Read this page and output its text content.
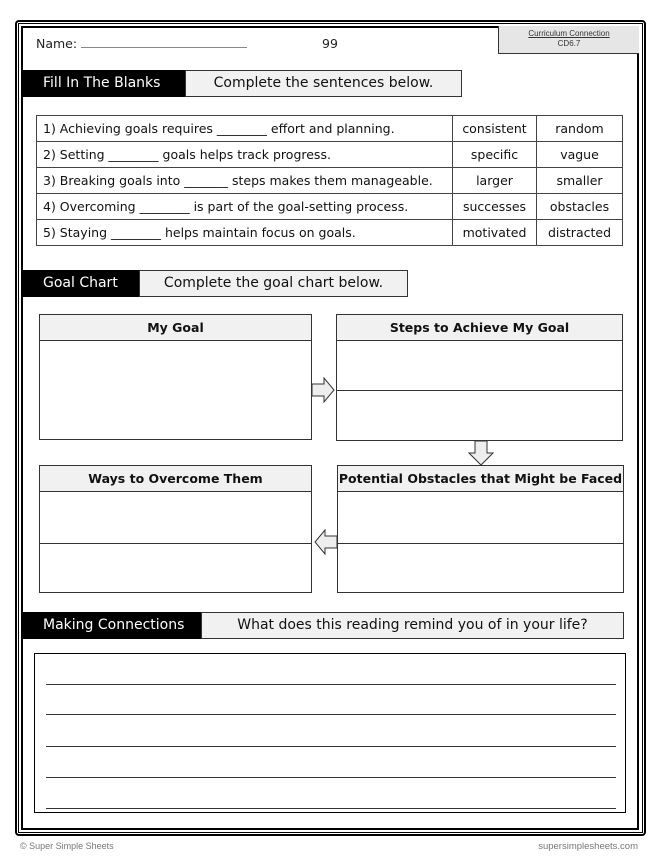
Name:	99
Curriculum Connection
CD6.7
Fill In The Blanks	Complete the sentences below.
1) Achieving goals requires ________ effort and planning.	consistent	random
2) Setting ________ goals helps track progress.	specific	vague
3) Breaking goals into _______ steps makes them manageable.	larger	smaller
4) Overcoming ________ is part of the goal-setting process.	successes	obstacles
5) Staying ________ helps maintain focus on goals.	motivated	distracted
Goal Chart	Complete the goal chart below.
My Goal	Steps to Achieve My Goal
Potential Obstacles that Might be Faced
Ways to Overcome Them
Making Connections	What does this reading remind you of in your life?
© Super Simple Sheets	supersimplesheets.com
